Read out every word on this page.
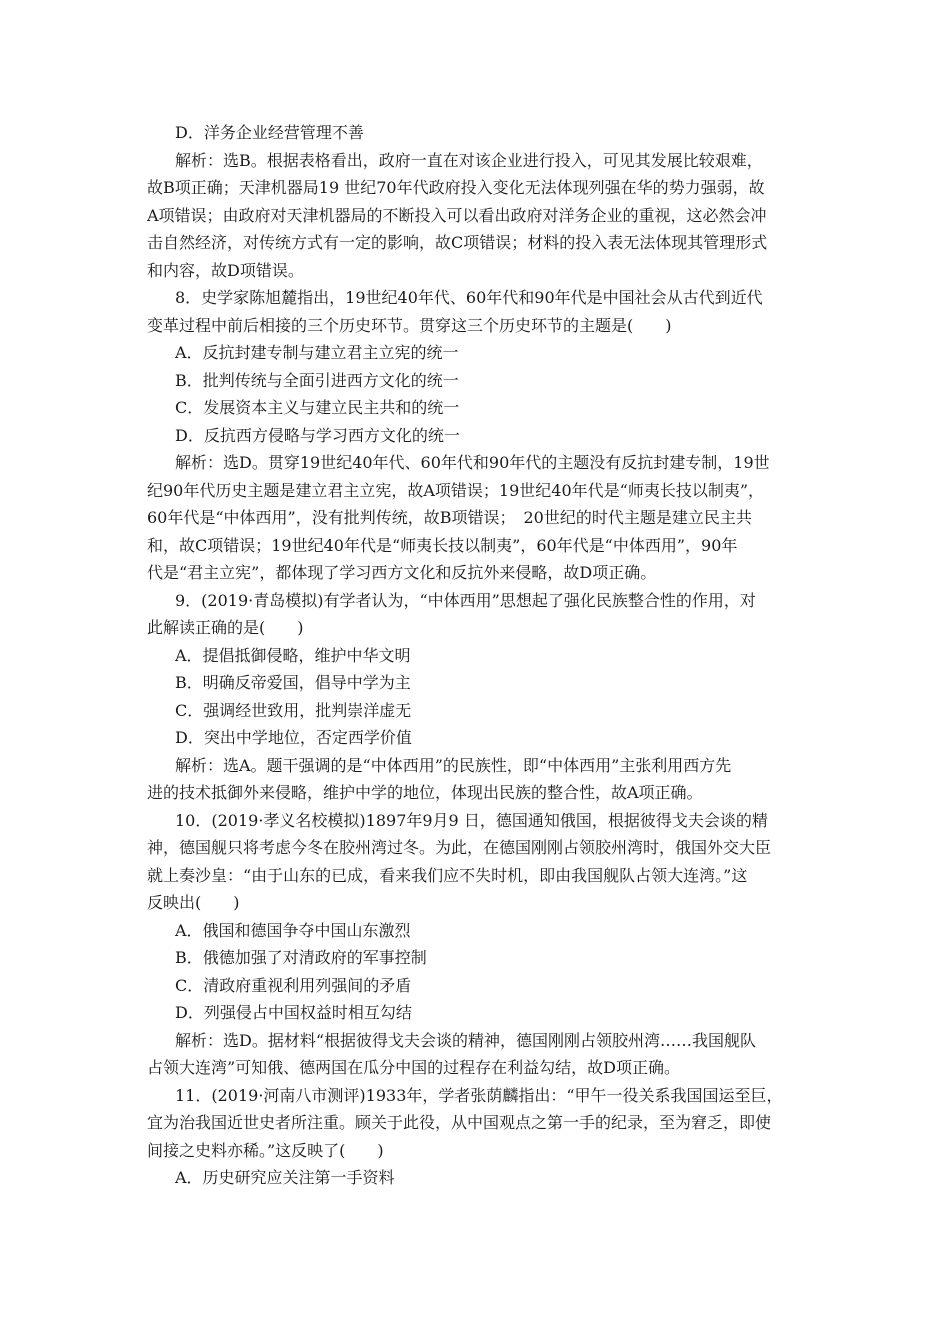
D．洋务企业经营管理不善
解析：选B。根据表格看出，政府一直在对该企业进行投入，可见其发展比较艰难，
故B项正确；天津机器局19 世纪70年代政府投入变化无法体现列强在华的势力强弱，故
A项错误；由政府对天津机器局的不断投入可以看出政府对洋务企业的重视，这必然会冲
击自然经济，对传统方式有一定的影响，故C项错误；材料的投入表无法体现其管理形式
和内容，故D项错误。
8．史学家陈旭麓指出，19世纪40年代、60年代和90年代是中国社会从古代到近代
变革过程中前后相接的三个历史环节。贯穿这三个历史环节的主题是(　　)
A．反抗封建专制与建立君主立宪的统一
B．批判传统与全面引进西方文化的统一
C．发展资本主义与建立民主共和的统一
D．反抗西方侵略与学习西方文化的统一
解析：选D。贯穿19世纪40年代、60年代和90年代的主题没有反抗封建专制，19世
纪90年代历史主题是建立君主立宪，故A项错误；19世纪40年代是“师夷长技以制夷”，
60年代是“中体西用”，没有批判传统，故B项错误；　20世纪的时代主题是建立民主共
和，故C项错误；19世纪40年代是“师夷长技以制夷”，60年代是“中体西用”，90年
代是“君主立宪”，都体现了学习西方文化和反抗外来侵略，故D项正确。
9．(2019·青岛模拟)有学者认为，“中体西用”思想起了强化民族整合性的作用，对
此解读正确的是(　　)
A．提倡抵御侵略，维护中华文明
B．明确反帝爱国，倡导中学为主
C．强调经世致用，批判崇洋虚无
D．突出中学地位，否定西学价值
解析：选A。题干强调的是“中体西用”的民族性，即“中体西用”主张利用西方先
进的技术抵御外来侵略，维护中学的地位，体现出民族的整合性，故A项正确。
10．(2019·孝义名校模拟)1897年9月9 日，德国通知俄国，根据彼得戈夫会谈的精
神，德国舰只将考虑今冬在胶州湾过冬。为此，在德国刚刚占领胶州湾时，俄国外交大臣
就上奏沙皇：“由于山东的已成，看来我们应不失时机，即由我国舰队占领大连湾。”这
反映出(　　)
A．俄国和德国争夺中国山东激烈
B．俄德加强了对清政府的军事控制
C．清政府重视利用列强间的矛盾
D．列强侵占中国权益时相互勾结
解析：选D。据材料“根据彼得戈夫会谈的精神，德国刚刚占领胶州湾……我国舰队
占领大连湾”可知俄、德两国在瓜分中国的过程存在利益勾结，故D项正确。
11．(2019·河南八市测评)1933年，学者张荫麟指出：“甲午一役关系我国国运至巨，
宜为治我国近世史者所注重。顾关于此役，从中国观点之第一手的纪录，至为窘乏，即使
间接之史料亦稀。”这反映了(　　)
A．历史研究应关注第一手资料
